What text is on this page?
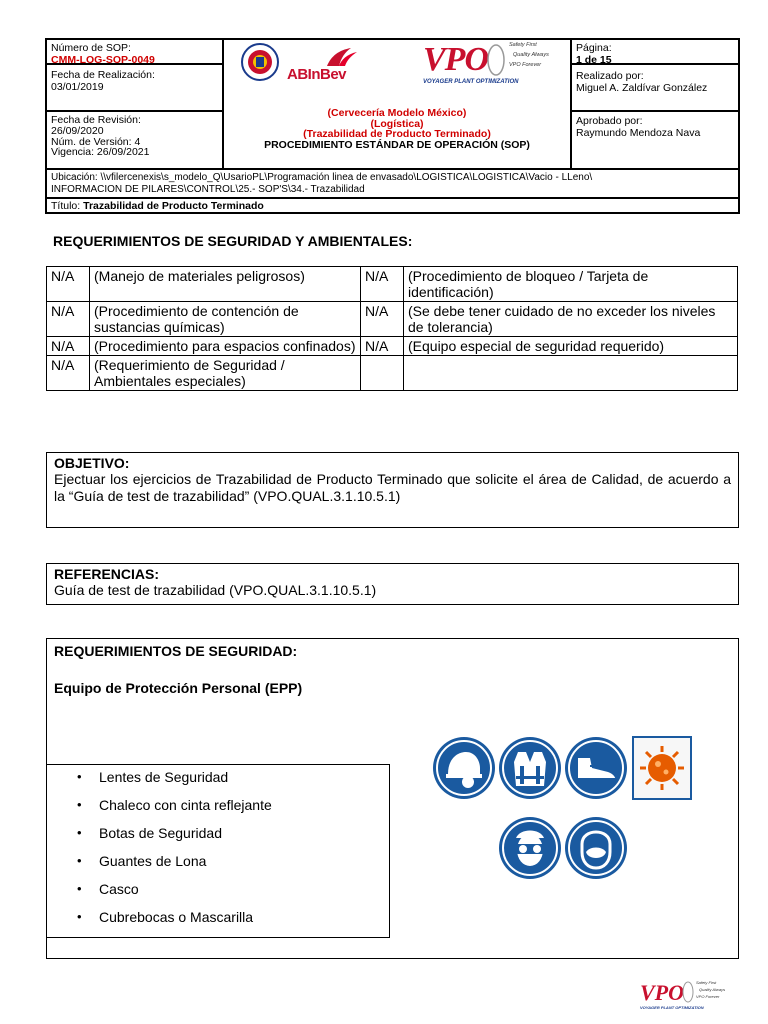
Número de SOP:
CMM-LOG-SOP-0049
Fecha de Realización:
03/01/2019
Fecha de Revisión:
26/09/2020
Núm. de Versión: 4
Vigencia: 26/09/2021
ABInBev VPO	Safety First
Quality Always
VPO Forever
VOYAGER PLANT OPTIMIZATION
(Cervecería Modelo México)
(Logística)
(Trazabilidad de Producto Terminado)
PROCEDIMIENTO ESTÁNDAR DE OPERACIÓN (SOP)
Página:
1 de 15
Realizado por:
Miguel A. Zaldívar González
Aprobado por:
Raymundo Mendoza Nava
Ubicación: \\vfilercenexis\s_modelo_Q\UsarioPL\Programación linea de envasado\LOGISTICA\LOGISTICA\Vacio - LLeno\
INFORMACION DE PILARES\CONTROL\25.- SOP'S\34.- Trazabilidad
Título: Trazabilidad de Producto Terminado
REQUERIMIENTOS DE SEGURIDAD Y AMBIENTALES:
N/A	(Manejo de materiales peligrosos)	N/A	(Procedimiento de bloqueo / Tarjeta de identificación)
N/A	(Procedimiento de contención de sustancias químicas)	N/A	(Se debe tener cuidado de no exceder los niveles de tolerancia)
N/A	(Procedimiento para espacios confinados)	N/A	(Equipo especial de seguridad requerido)
N/A	(Requerimiento de Seguridad / Ambientales especiales)		
OBJETIVO:
Ejectuar los ejercicios de Trazabilidad de Producto Terminado que solicite el área de Calidad, de acuerdo a la “Guía de test de trazabilidad” (VPO.QUAL.3.1.10.5.1)
REFERENCIAS:
Guía de test de trazabilidad (VPO.QUAL.3.1.10.5.1)
REQUERIMIENTOS DE SEGURIDAD:
Equipo de Protección Personal (EPP)
• Lentes de Seguridad
• Chaleco con cinta reflejante
• Botas de Seguridad
• Guantes de Lona
• Casco
• Cubrebocas o Mascarilla
VPO	Safety First
Quality Always
VPO Forever
VOYAGER PLANT OPTIMIZATION
